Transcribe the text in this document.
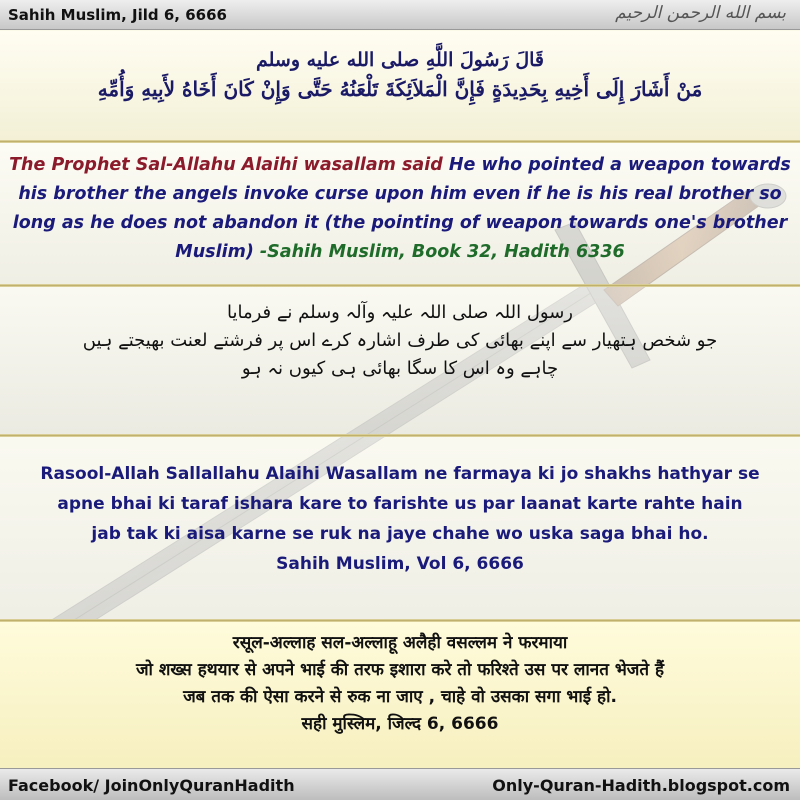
Sahih Muslim, Jild 6, 6666	بسم الله الرحمن الرحيم
قَالَ رَسُولَ اللَّهِ صلى الله عليه وسلم
مَنْ أَشَارَ إِلَى أَخِيهِ بِحَدِيدَةٍ فَإِنَّ الْمَلاَئِكَةَ تَلْعَنُهُ حَتَّى وَإِنْ كَانَ أَخَاهُ لأَبِيهِ وَأُمِّهِ
The Prophet Sal-Allahu Alaihi wasallam said He who pointed a weapon towards his brother the angels invoke curse upon him even if he is his real brother so long as he does not abandon it (the pointing of weapon towards one's brother Muslim) -Sahih Muslim, Book 32, Hadith 6336
رسول اللہ صلی اللہ علیہ وآلہ وسلم نے فرمایا
جو شخص ہتھیار سے اپنے بھائی کی طرف اشارہ کرے اس پر فرشتے لعنت بھیجتے ہیں
چاہے وہ اس کا سگا بھائی ہی کیوں نہ ہو
Rasool-Allah Sallallahu Alaihi Wasallam ne farmaya ki jo shakhs hathyar se
apne bhai ki taraf ishara kare to farishte us par laanat karte rahte hain
jab tak ki aisa karne se ruk na jaye chahe wo uska saga bhai ho.
Sahih Muslim, Vol 6, 6666
रसूल-अल्लाह सल-अल्लाहू अलैही वसल्लम ने फरमाया
जो शख्स हथयार से अपने भाई की तरफ इशारा करे तो फरिश्ते उस पर लानत भेजते हैं
जब तक की ऐसा करने से रुक ना जाए , चाहे वो उसका सगा भाई हो.
सही मुस्लिम, जिल्द 6, 6666
Facebook/ JoinOnlyQuranHadith	Only-Quran-Hadith.blogspot.com
